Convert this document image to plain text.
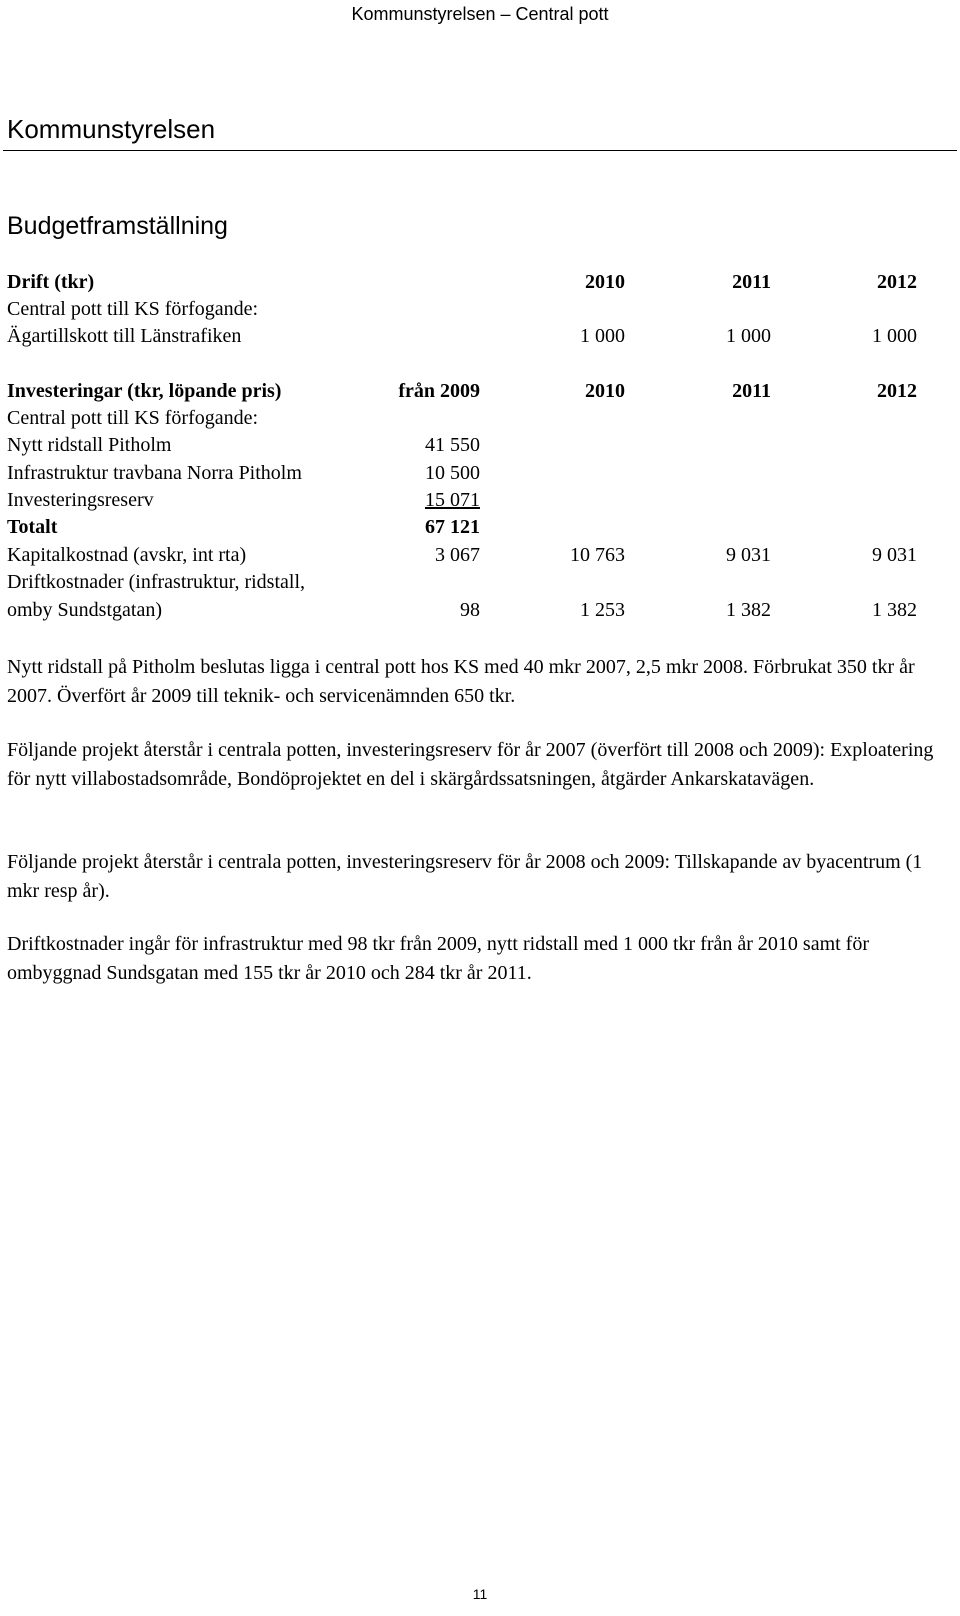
Kommunstyrelsen – Central pott
Kommunstyrelsen
Budgetframställning
Drift (tkr)	2010	2011	2012
Central pott till KS förfogande:
Ägartillskott till Länstrafiken	1 000	1 000	1 000
Investeringar (tkr, löpande pris)	från 2009	2010	2011	2012
Central pott till KS förfogande:
Nytt ridstall Pitholm	41 550
Infrastruktur travbana Norra Pitholm	10 500
Investeringsreserv	15 071
Totalt	67 121
Kapitalkostnad (avskr, int rta)	3 067	10 763	9 031	9 031
Driftkostnader (infrastruktur, ridstall,
omby Sundstgatan)	98	1 253	1 382	1 382
Nytt ridstall på Pitholm beslutas ligga i central pott hos KS med 40 mkr 2007, 2,5 mkr 2008. Förbrukat 350 tkr år 2007. Överfört år 2009 till teknik- och servicenämnden 650 tkr.
Följande projekt återstår i centrala potten, investeringsreserv för år 2007 (överfört till 2008 och 2009): Exploatering för nytt villabostadsområde, Bondöprojektet en del i skärgårdssatsningen, åtgärder Ankarskatavägen.
Följande projekt återstår i centrala potten, investeringsreserv för år 2008 och 2009: Tillskapande av byacentrum (1 mkr resp år).
Driftkostnader ingår för infrastruktur med 98 tkr från 2009, nytt ridstall med 1 000 tkr från år 2010 samt för ombyggnad Sundsgatan med 155 tkr år 2010 och 284 tkr år 2011.
11
